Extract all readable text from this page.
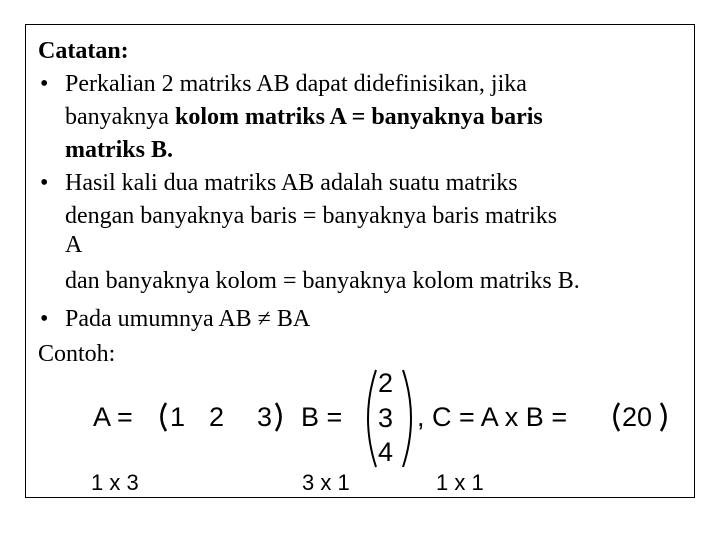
Catatan:
• Perkalian 2 matriks AB dapat didefinisikan, jika
banyaknya kolom matriks A = banyaknya baris
matriks B.
• Hasil kali dua matriks AB adalah suatu matriks
dengan banyaknya baris = banyaknya baris matriks
A
dan banyaknya kolom = banyaknya kolom matriks B.
• Pada umumnya AB ≠ BA
Contoh:
A = 1 2 3 B =
2
3
4
, C = A x B = 20
1 x 3	3 x 1	1 x 1
